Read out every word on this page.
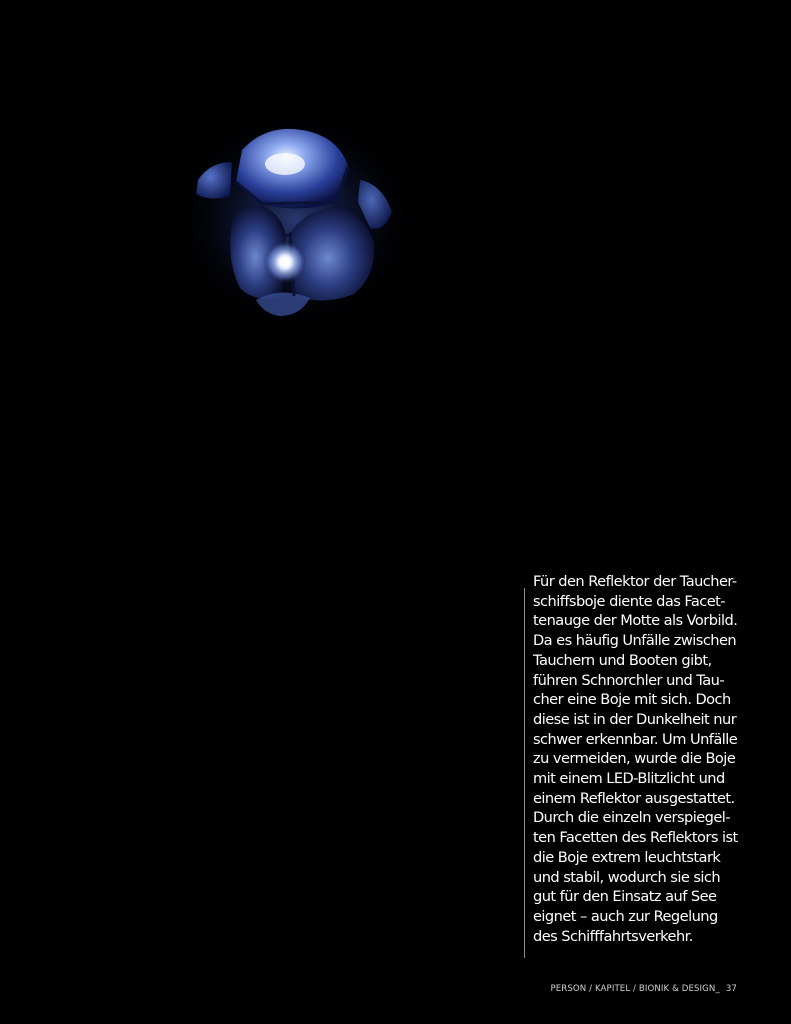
Für den Reflektor der Taucher-
schiffsboje diente das Facet-
tenauge der Motte als Vorbild.
Da es häufig Unfälle zwischen
Tauchern und Booten gibt,
führen Schnorchler und Tau-
cher eine Boje mit sich. Doch
diese ist in der Dunkelheit nur
schwer erkennbar. Um Unfälle
zu vermeiden, wurde die Boje
mit einem LED-Blitzlicht und
einem Reflektor ausgestattet.
Durch die einzeln verspiegel-
ten Facetten des Reflektors ist
die Boje extrem leuchtstark
und stabil, wodurch sie sich
gut für den Einsatz auf See
eignet – auch zur Regelung
des Schifffahrtsverkehr.

PERSON / KAPITEL / BIONIK & DESIGN_ 37
